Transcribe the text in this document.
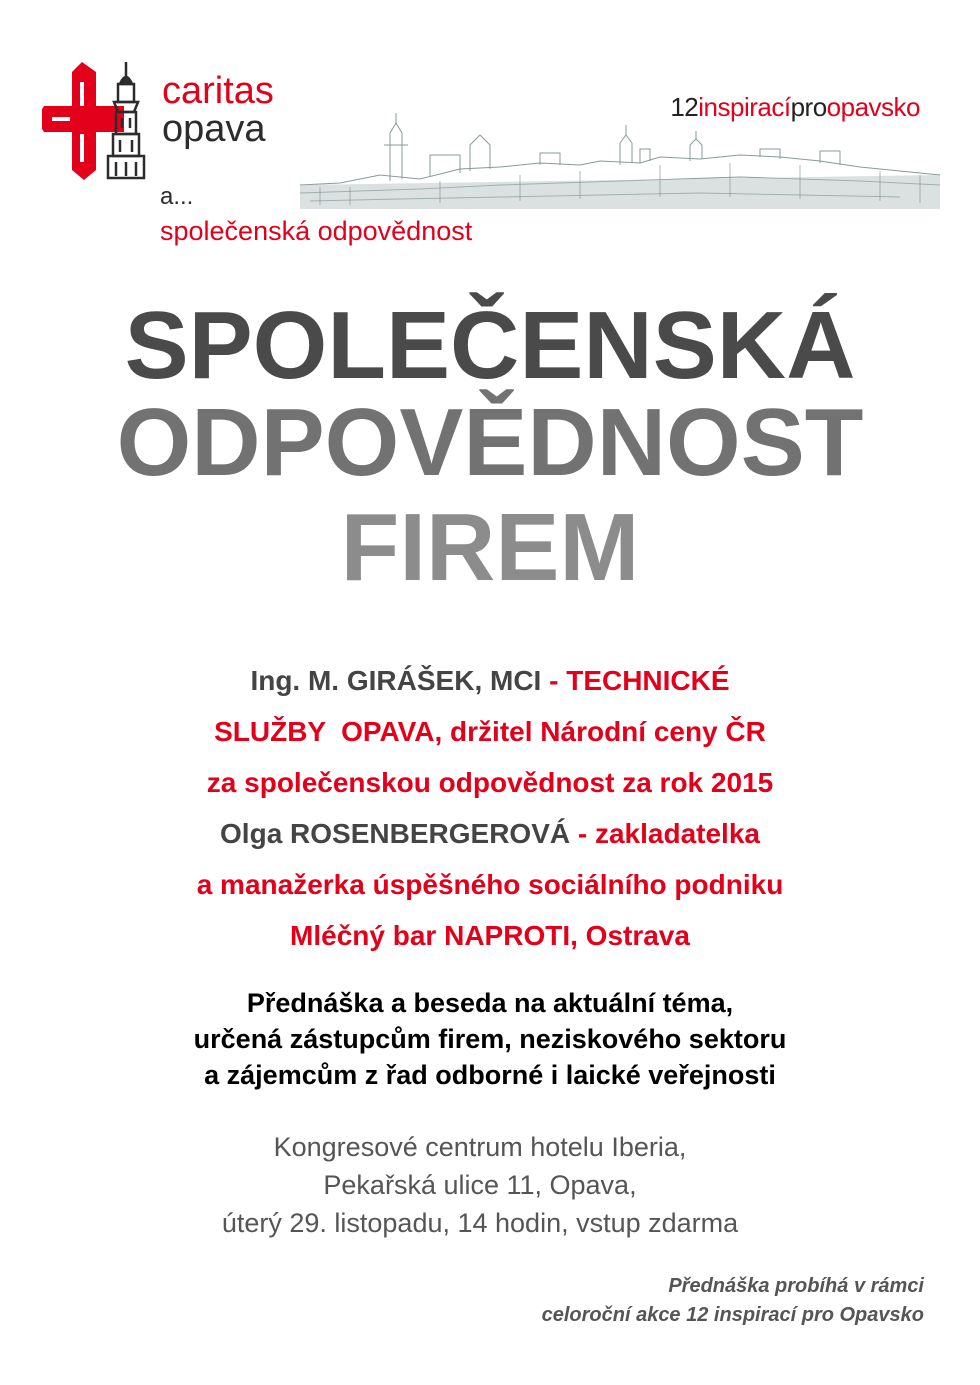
caritas
opava
a...
společenská odpovědnost
12inspiracíproopavsko
SPOLEČENSKÁ
ODPOVĚDNOST
FIREM
Ing. M. GIRÁŠEK, MCI - TECHNICKÉ
SLUŽBY  OPAVA, držitel Národní ceny ČR
za společenskou odpovědnost za rok 2015
Olga ROSENBERGEROVÁ - zakladatelka
a manažerka úspěšného sociálního podniku
Mléčný bar NAPROTI, Ostrava
Přednáška a beseda na aktuální téma,
určená zástupcům firem, neziskového sektoru
a zájemcům z řad odborné i laické veřejnosti
Kongresové centrum hotelu Iberia,
Pekařská ulice 11, Opava,
úterý 29. listopadu, 14 hodin, vstup zdarma
Přednáška probíhá v rámci
celoroční akce 12 inspirací pro Opavsko
